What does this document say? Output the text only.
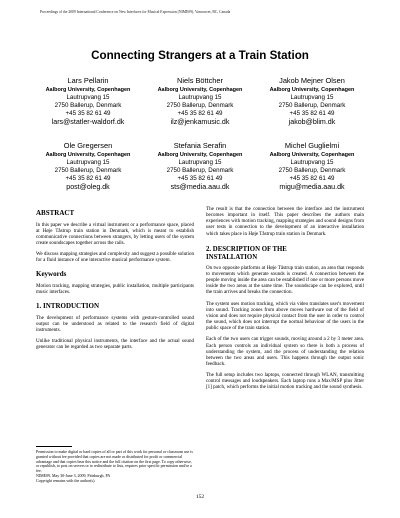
Proceedings of the 2009 International Conference on New Interfaces for Musical Expression (NIME09), Vancouver, BC, Canada
Connecting Strangers at a Train Station
Lars Pellarin
Aalborg University, Copenhagen
Lautrupvang 15
2750 Ballerup, Denmark
+45 35 82 61 49
lars@statler-waldorf.dk
Niels Böttcher
Aalborg University, Copenhagen
Lautrupvang 15
2750 Ballerup, Denmark
+45 35 82 61 49
ilz@jenkamusic.dk
Jakob Mejner Olsen
Aalborg University, Copenhagen
Lautrupvang 15
2750 Ballerup, Denmark
+45 35 82 61 49
jakob@blim.dk
Ole Gregersen
Aalborg University, Copenhagen
Lautrupvang 15
2750 Ballerup, Denmark
+45 35 82 61 49
post@oleg.dk
Stefania Serafin
Aalborg University, Copenhagen
Lautrupvang 15
2750 Ballerup, Denmark
+45 35 82 61 49
sts@media.aau.dk
Michel Guglielmi
Aalborg University, Copenhagen
Lautrupvang 15
2750 Ballerup, Denmark
+45 35 82 61 49
migu@media.aau.dk
ABSTRACT

In this paper we describe a virtual instrument or a performance space, placed at Høje Tåstrup train station in Denmark, which is meant to establish communicative connections between strangers, by letting users of the system create soundscapes together across the rails.

We discuss mapping strategies and complexity and suggest a possible solution for a fluid instance of one interactive musical performance system.

Keywords

Motion tracking, mapping strategies, public installation, multiple participants music interfaces.

1. INTRODUCTION

The development of performance systems with gesture-controlled sound output can be understood as related to the research field of digital instruments.

Unlike traditional physical instruments, the interface and the actual sound generator can be regarded as two separate parts.

Permission to make digital or hard copies of all or part of this work for personal or classroom use is granted without fee provided that copies are not made or distributed for profit or commercial advantage and that copies bear this notice and the full citation on the first page. To copy otherwise, or republish, to post on servers or to redistribute to lists, requires prior specific permission and/or a fee.
NIME09, May 30-June 3, 2009, Pittsburgh, PA
Copyright remains with the author(s).

The result is that the connection between the interface and the instrument becomes important in itself. This paper describes the authors main experiences with motion tracking, mapping strategies and sound designs from user tests in connection to the development of an interactive installation which takes place in Høje Tåstrup train station in Denmark.

2. DESCRIPTION OF THE
INSTALLATION

On two opposite platforms at Høje Tåstrup train station, an area that responds to movements which generate sounds is created. A connection between the people moving inside the area can be established if one or more persons move inside the two areas at the same time. The soundscape can be explored, until the train arrives and breaks the connection.

The system uses motion tracking, which via video translates user's movement into sound. Tracking zones from above moves hardware out of the field of vision and does not require physical contact from the user in order to control the sound, which does not interrupt the normal behaviour of the users in the public space of the train station.

Each of the two users can trigger sounds, moving around a 2 by 3 meter area. Each person controls an individual system so there is both a process of understanding the system, and the process of understanding the relation between the two areas and users. This happens through the output sonic feedback.

The full setup includes two laptops, connected through WLAN, transmitting control messages and loudspeakers. Each laptop runs a Max/MSP plus Jitter [1] patch, which performs the initial motion tracking and the sound synthesis.

152
